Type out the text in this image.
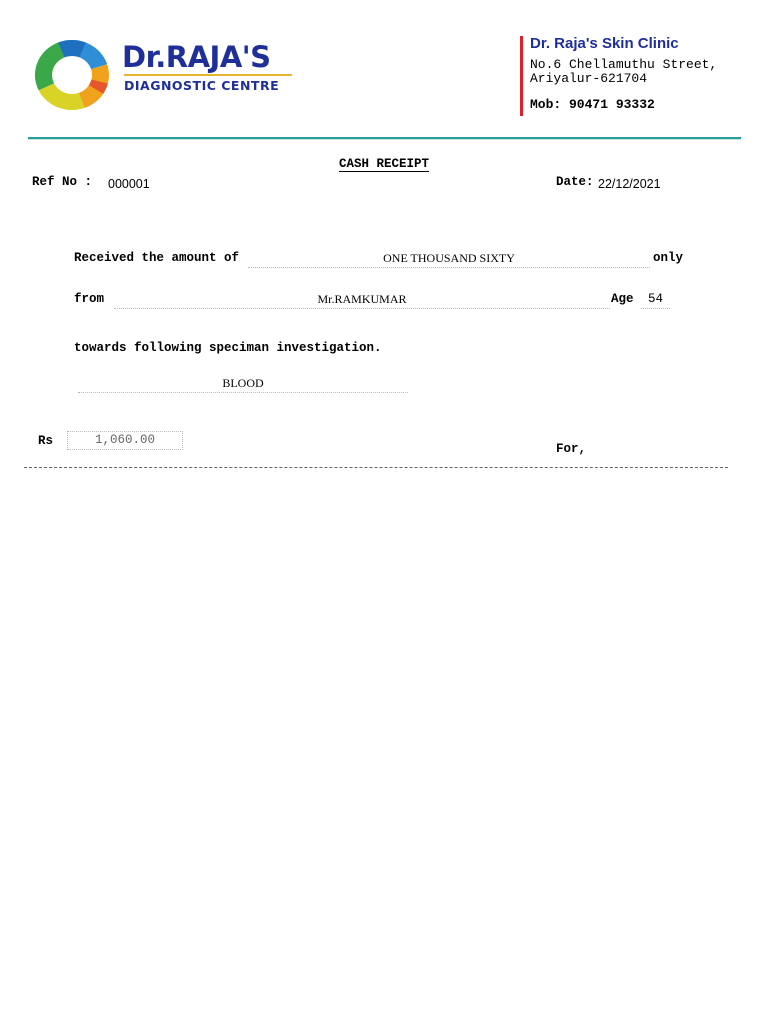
Dr.RAJA'S
DIAGNOSTIC CENTRE
Dr. Raja's Skin Clinic
No.6 Chellamuthu Street,
Ariyalur-621704
Mob: 90471 93332
CASH RECEIPT
Ref No : 000001	Date: 22/12/2021
Received the amount of	ONE THOUSAND SIXTY	only
from	Mr.RAMKUMAR	Age	54
towards following speciman investigation.
BLOOD
Rs	1,060.00
For,
